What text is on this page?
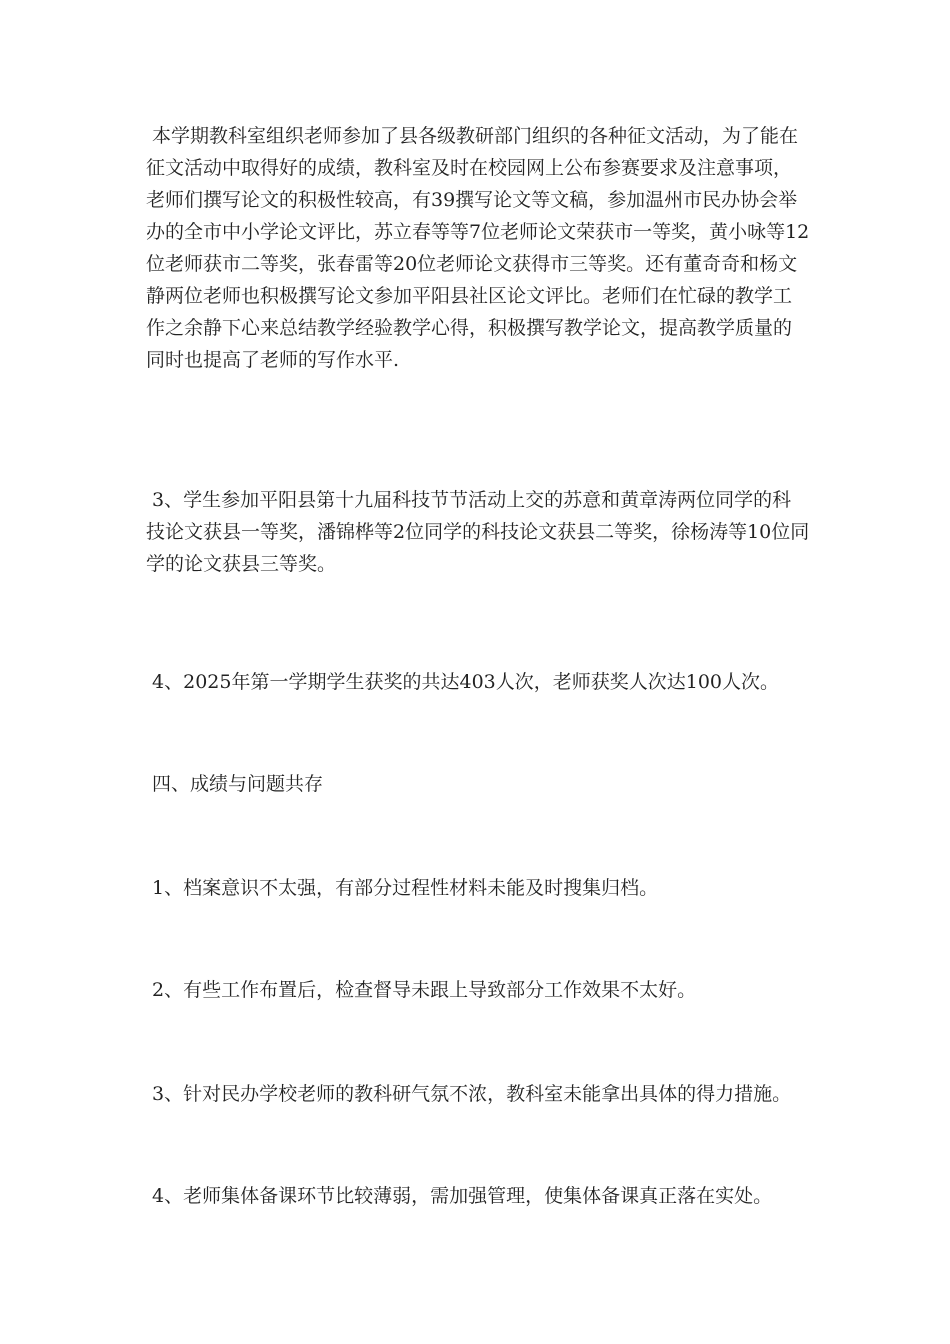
本学期教科室组织老师参加了县各级教研部门组织的各种征文活动，为了能在征文活动中取得好的成绩，教科室及时在校园网上公布参赛要求及注意事项，老师们撰写论文的积极性较高，有39撰写论文等文稿，参加温州市民办协会举办的全市中小学论文评比，苏立春等等7位老师论文荣获市一等奖，黄小咏等12位老师获市二等奖，张春雷等20位老师论文获得市三等奖。还有董奇奇和杨文静两位老师也积极撰写论文参加平阳县社区论文评比。老师们在忙碌的教学工作之余静下心来总结教学经验教学心得，积极撰写教学论文，提高教学质量的同时也提高了老师的写作水平.

3、学生参加平阳县第十九届科技节节活动上交的苏意和黄章涛两位同学的科技论文获县一等奖，潘锦桦等2位同学的科技论文获县二等奖，徐杨涛等10位同学的论文获县三等奖。

4、2025年第一学期学生获奖的共达403人次，老师获奖人次达100人次。

四、成绩与问题共存

1、档案意识不太强，有部分过程性材料未能及时搜集归档。

2、有些工作布置后，检查督导未跟上导致部分工作效果不太好。

3、针对民办学校老师的教科研气氛不浓，教科室未能拿出具体的得力措施。

4、老师集体备课环节比较薄弱，需加强管理，使集体备课真正落在实处。
